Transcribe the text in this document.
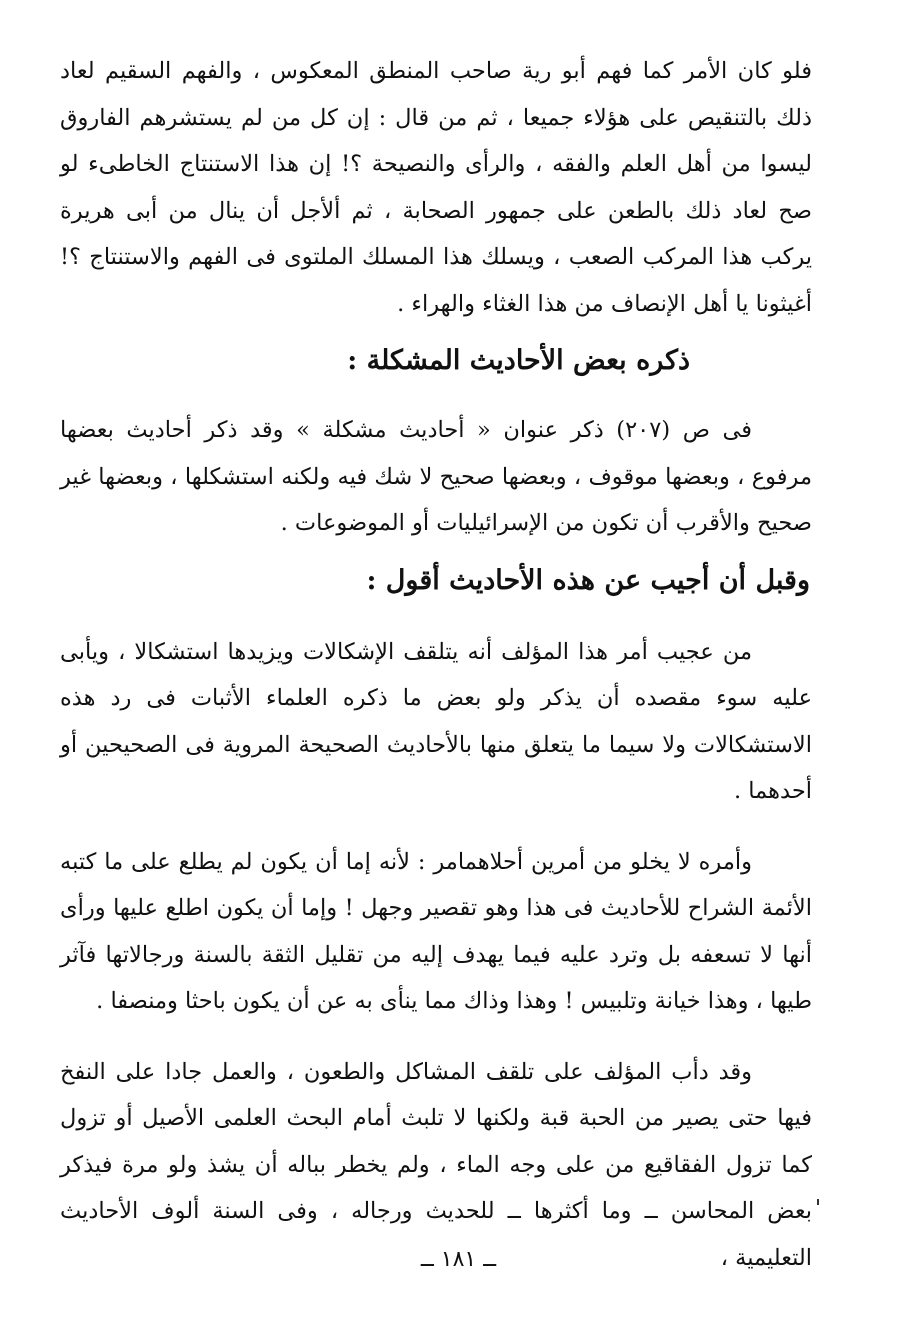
فلو كان الأمر كما فهم أبو رية صاحب المنطق المعكوس ، والفهم السقيم لعاد ذلك بالتنقيص على هؤلاء جميعا ، ثم من قال : إن كل من لم يستشرهم الفاروق ليسوا من أهل العلم والفقه ، والرأى والنصيحة ؟! إن هذا الاستنتاج الخاطىء لو صح لعاد ذلك بالطعن على جمهور الصحابة ، ثم ألأجل أن ينال من أبى هريرة يركب هذا المركب الصعب ، ويسلك هذا المسلك الملتوى فى الفهم والاستنتاج ؟! أغيثونا يا أهل الإنصاف من هذا الغثاء والهراء .

ذكره بعض الأحاديث المشكلة :

فى ص (٢٠٧) ذكر عنوان « أحاديث مشكلة » وقد ذكر أحاديث بعضها مرفوع ، وبعضها موقوف ، وبعضها صحيح لا شك فيه ولكنه استشكلها ، وبعضها غير صحيح والأقرب أن تكون من الإسرائيليات أو الموضوعات .

وقبل أن أجيب عن هذه الأحاديث أقول :

من عجيب أمر هذا المؤلف أنه يتلقف الإشكالات ويزيدها استشكالا ، ويأبى عليه سوء مقصده أن يذكر ولو بعض ما ذكره العلماء الأثبات فى رد هذه الاستشكالات ولا سيما ما يتعلق منها بالأحاديث الصحيحة المروية فى الصحيحين أو أحدهما .

وأمره لا يخلو من أمرين أحلاهمامر : لأنه إما أن يكون لم يطلع على ما كتبه الأئمة الشراح للأحاديث فى هذا وهو تقصير وجهل ! وإما أن يكون اطلع عليها ورأى أنها لا تسعفه بل وترد عليه فيما يهدف إليه من تقليل الثقة بالسنة ورجالاتها فآثر طيها ، وهذا خيانة وتلبيس ! وهذا وذاك مما ينأى به عن أن يكون باحثا ومنصفا .

وقد دأب المؤلف على تلقف المشاكل والطعون ، والعمل جادا على النفخ فيها حتى يصير من الحبة قبة ولكنها لا تلبث أمام البحث العلمى الأصيل أو تزول كما تزول الفقاقيع من على وجه الماء ، ولم يخطر بباله أن يشذ ولو مرة فيذكر بعض المحاسن ــ وما أكثرها ــ للحديث ورجاله ، وفى السنة ألوف الأحاديث التعليمية ،

ــ ١٨١ ــ
